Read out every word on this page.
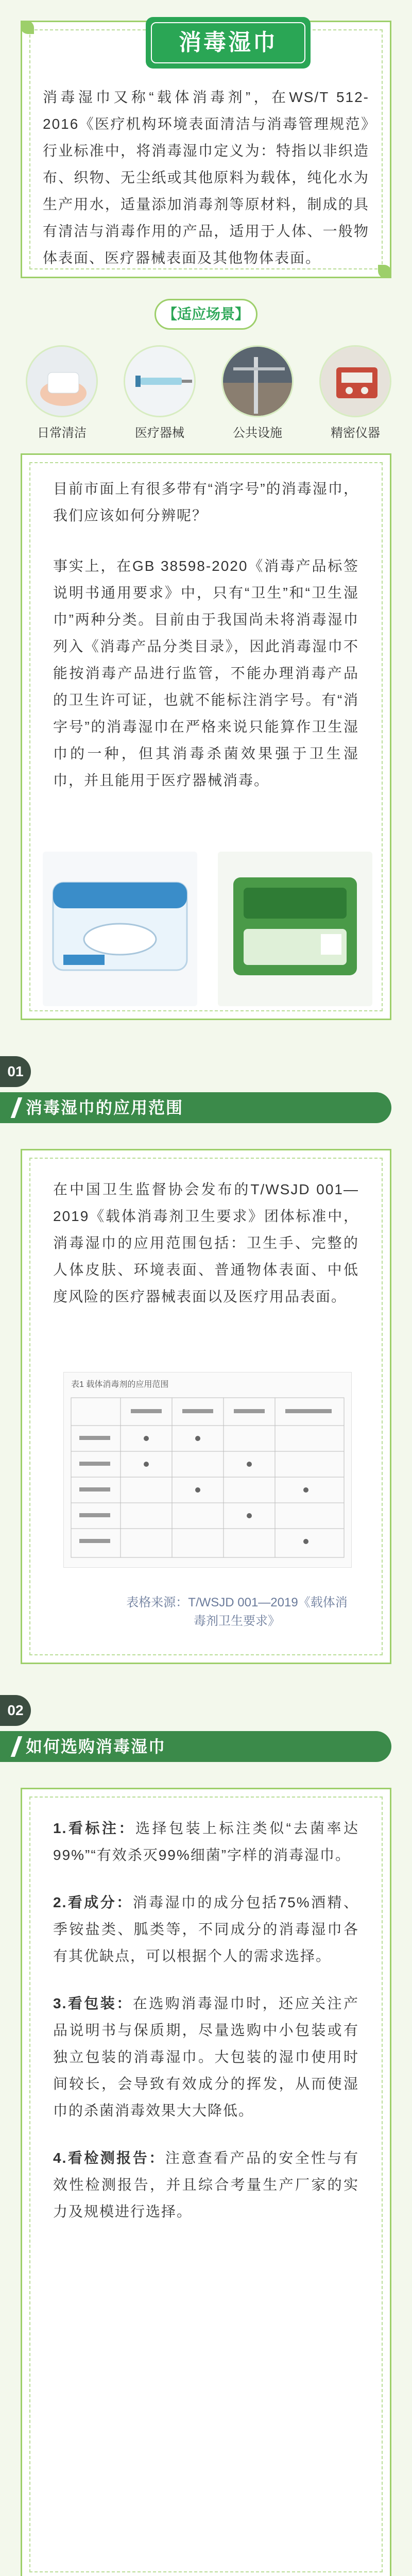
消毒湿巾
消毒湿巾又称“载体消毒剂”，在WS/T 512-2016《医疗机构环境表面清洁与消毒管理规范》行业标准中，将消毒湿巾定义为：特指以非织造布、织物、无尘纸或其他原料为载体，纯化水为生产用水，适量添加消毒剂等原材料，制成的具有清洁与消毒作用的产品，适用于人体、一般物体表面、医疗器械表面及其他物体表面。
【适应场景】
日常清洁	医疗器械	公共设施	精密仪器
目前市面上有很多带有“消字号”的消毒湿巾，我们应该如何分辨呢？
事实上，在GB 38598-2020《消毒产品标签说明书通用要求》中，只有“卫生”和“卫生湿巾”两种分类。目前由于我国尚未将消毒湿巾列入《消毒产品分类目录》，因此消毒湿巾不能按消毒产品进行监管，不能办理消毒产品的卫生许可证，也就不能标注消字号。有“消字号”的消毒湿巾在严格来说只能算作卫生湿巾的一种，但其消毒杀菌效果强于卫生湿巾，并且能用于医疗器械消毒。
01
消毒湿巾的应用范围
在中国卫生监督协会发布的T/WSJD 001—2019《载体消毒剂卫生要求》团体标准中，消毒湿巾的应用范围包括：卫生手、完整的人体皮肤、环境表面、普通物体表面、中低度风险的医疗器械表面以及医疗用品表面。
表1 载体消毒剂的应用范围
表格来源：T/WSJD 001—2019《载体消毒剂卫生要求》
02
如何选购消毒湿巾

1.看标注：选择包装上标注类似“去菌率达99%”“有效杀灭99%细菌”字样的消毒湿巾。

2.看成分：消毒湿巾的成分包括75%酒精、季铵盐类、胍类等，不同成分的消毒湿巾各有其优缺点，可以根据个人的需求选择。

3.看包装：在选购消毒湿巾时，还应关注产品说明书与保质期，尽量选购中小包装或有独立包装的消毒湿巾。大包装的湿巾使用时间较长，会导致有效成分的挥发，从而使湿巾的杀菌消毒效果大大降低。

4.看检测报告：注意查看产品的安全性与有效性检测报告，并且综合考量生产厂家的实力及规模进行选择。
